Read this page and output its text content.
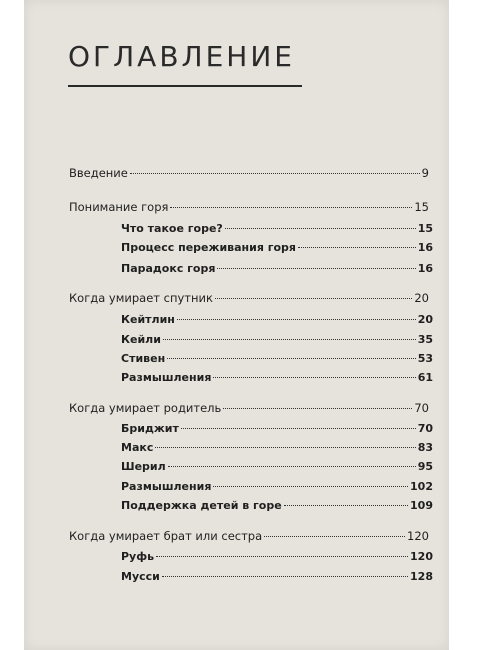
ОГЛАВЛЕНИЕ
Введение	9
Понимание горя	15
Что такое горе?	15
Процесс переживания горя	16
Парадокс горя	16
Когда умирает спутник	20
Кейтлин	20
Кейли	35
Стивен	53
Размышления	61
Когда умирает родитель	70
Бриджит	70
Макс	83
Шерил	95
Размышления	102
Поддержка детей в горе	109
Когда умирает брат или сестра	120
Руфь	120
Мусси	128
